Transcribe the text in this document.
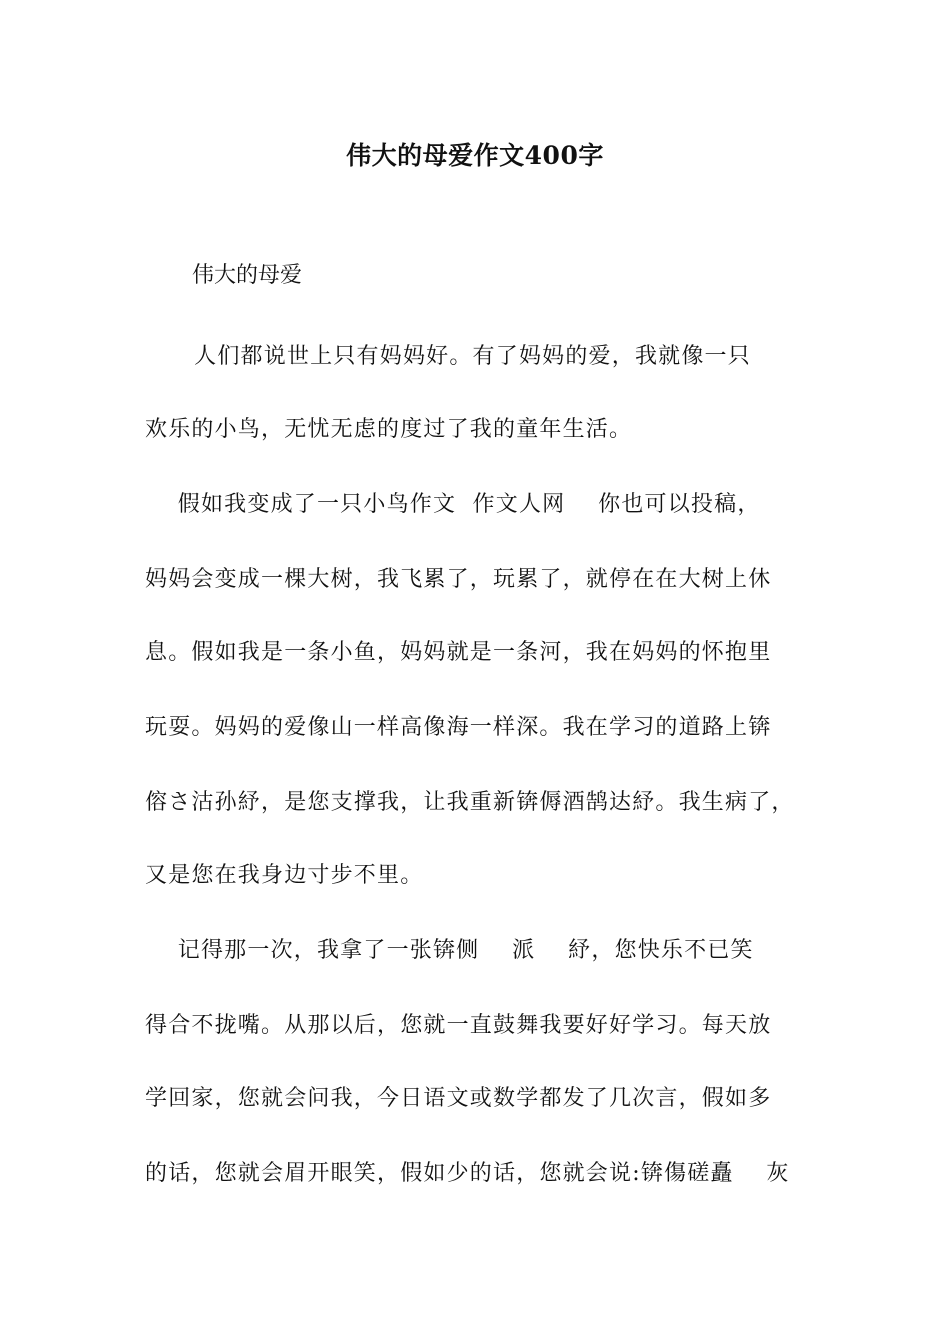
伟大的母爱作文400字
伟大的母爱
人们都说世上只有妈妈好。有了妈妈的爱，我就像一只
欢乐的小鸟，无忧无虑的度过了我的童年生活。
假如我变成了一只小鸟作文  作文人网    你也可以投稿，
妈妈会变成一棵大树，我飞累了，玩累了，就停在在大树上休
息。假如我是一条小鱼，妈妈就是一条河，我在妈妈的怀抱里
玩耍。妈妈的爱像山一样高像海一样深。我在学习的道路上锛
傛さ沽孙紓，是您支撑我，让我重新锛傉酒鹄达紓。我生病了，
又是您在我身边寸步不里。
记得那一次，我拿了一张锛侧    派    紓，您快乐不已笑
得合不拢嘴。从那以后，您就一直鼓舞我要好好学习。每天放
学回家，您就会问我，今日语文或数学都发了几次言，假如多
的话，您就会眉开眼笑，假如少的话，您就会说:锛傷磋矗    灰
